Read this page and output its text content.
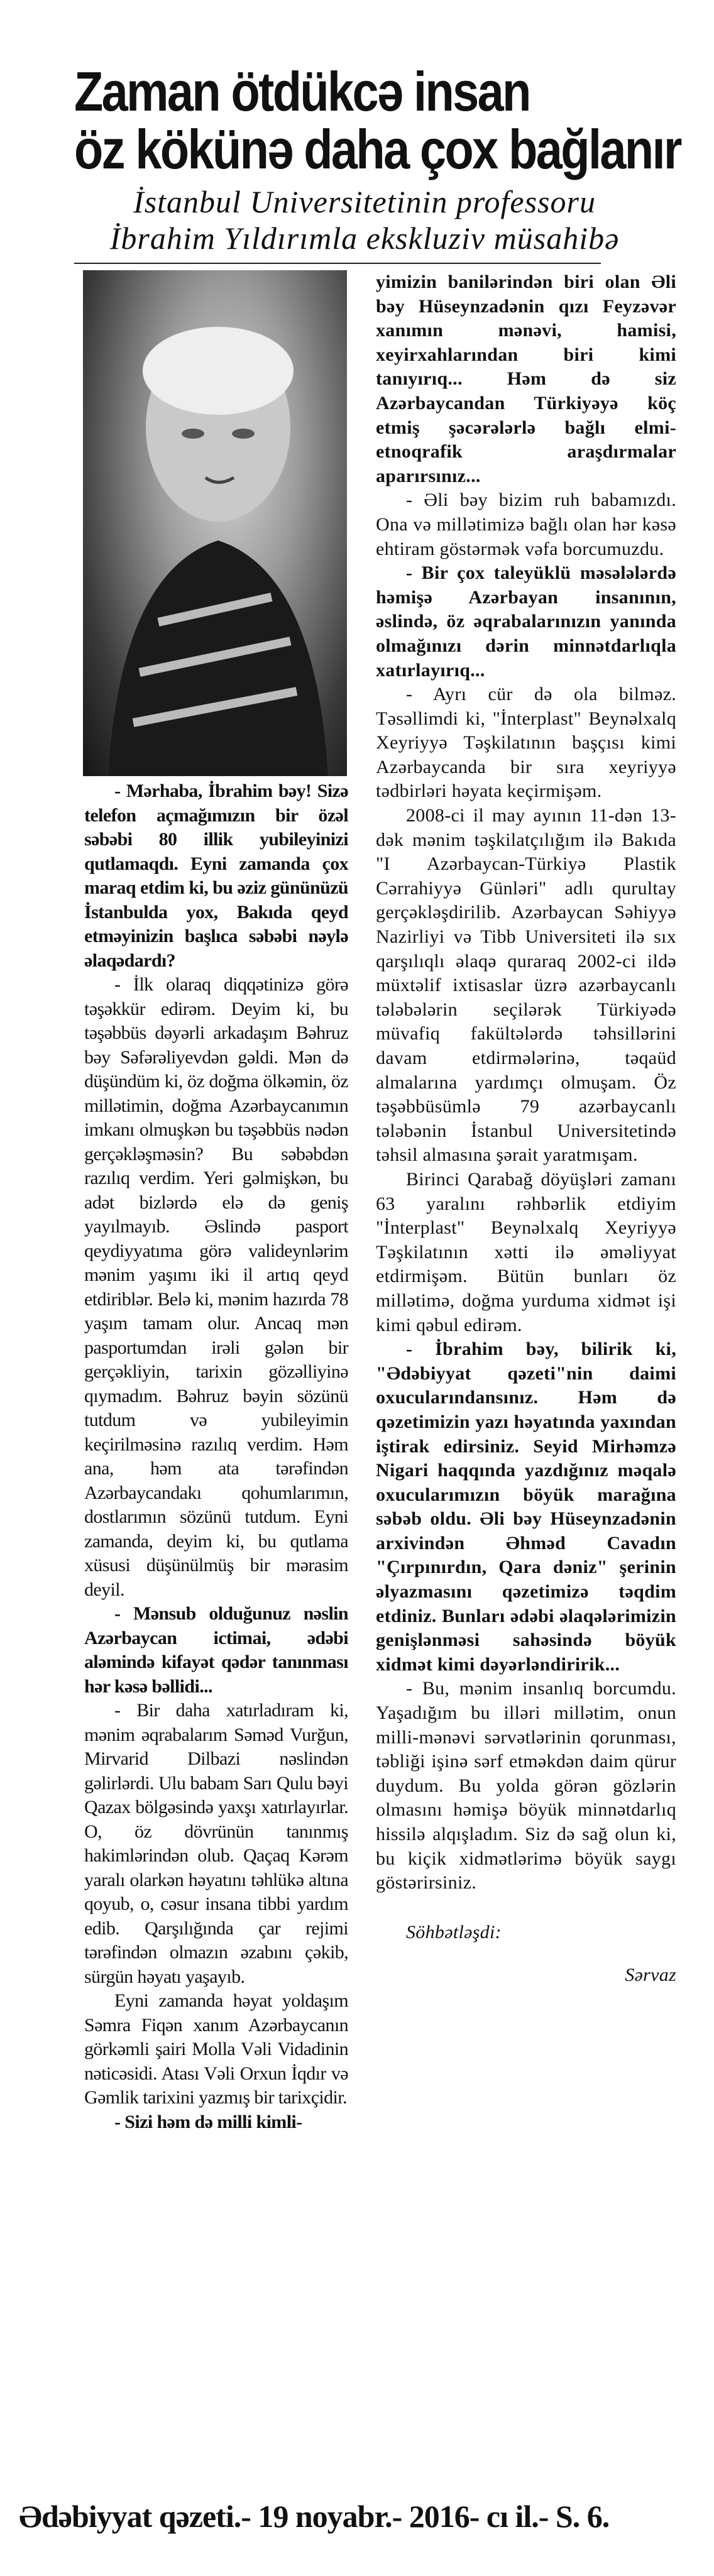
Zaman ötdükcə insan
öz kökünə daha çox bağlanır
İstanbul Universitetinin professoru
İbrahim Yıldırımla ekskluziv müsahibə

- Mərhaba, İbrahim bəy! Sizə telefon açmağımızın bir özəl səbəbi 80 illik yubileyinizi qutlamaqdı. Eyni zamanda çox maraq etdim ki, bu əziz gününüzü İstanbulda yox, Bakıda qeyd etməyinizin başlıca səbəbi nəylə əlaqədardı?

- İlk olaraq diqqətinizə görə təşəkkür edirəm. Deyim ki, bu təşəbbüs dəyərli arkadaşım Bəhruz bəy Səfərəliyevdən gəldi. Mən də düşündüm ki, öz doğma ölkəmin, öz millətimin, doğma Azərbaycanımın imkanı olmuşkən bu təşəbbüs nədən gerçəkləşməsin? Bu səbəbdən razılıq verdim. Yeri gəlmişkən, bu adət bizlərdə elə də geniş yayılmayıb. Əslində pasport qeydiyyatıma görə valideynlərim mənim yaşımı iki il artıq qeyd etdiriblər. Belə ki, mənim hazırda 78 yaşım tamam olur. Ancaq mən pasportumdan irəli gələn bir gerçəkliyin, tarixin gözəlliyinə qıymadım. Bəhruz bəyin sözünü tutdum və yubileyimin keçirilməsinə razılıq verdim. Həm ana, həm ata tərəfindən Azərbaycandakı qohumlarımın, dostlarımın sözünü tutdum. Eyni zamanda, deyim ki, bu qutlama xüsusi düşünülmüş bir mərasim deyil.

- Mənsub olduğunuz nəslin Azərbaycan ictimai, ədəbi aləmində kifayət qədər tanınması hər kəsə bəllidi...

- Bir daha xatırladıram ki, mənim əqrabalarım Səməd Vurğun, Mirvarid Dilbazi nəslindən gəlirlərdi. Ulu babam Sarı Qulu bəyi Qazax bölgəsində yaxşı xatırlayırlar. O, öz dövrünün tanınmış hakimlərindən olub. Qaçaq Kərəm yaralı olarkən həyatını təhlükə altına qoyub, o, cəsur insana tibbi yardım edib. Qarşılığında çar rejimi tərəfindən olmazın əzabını çəkib, sürgün həyatı yaşayıb.

Eyni zamanda həyat yoldaşım Səmra Fiqən xanım Azərbaycanın görkəmli şairi Molla Vəli Vidadinin nəticəsidi. Atası Vəli Orxun İqdır və Gəmlik tarixini yazmış bir tarixçidir.

- Sizi həm də milli kimli-

yimizin banilərindən biri olan Əli bəy Hüseynzadənin qızı Feyzəvər xanımın mənəvi, hamisi, xeyirxahlarından biri kimi tanıyırıq... Həm də siz Azərbaycandan Türkiyəyə köç etmiş şəcərələrlə bağlı elmi-etnoqrafik araşdırmalar aparırsınız...

- Əli bəy bizim ruh babamızdı. Ona və millətimizə bağlı olan hər kəsə ehtiram göstərmək vəfa borcumuzdu.

- Bir çox taleyüklü məsələlərdə həmişə Azərbayan insanının, əslində, öz əqrabalarınızın yanında olmağınızı dərin minnətdarlıqla xatırlayırıq...

- Ayrı cür də ola bilməz. Təsəllimdi ki, "İnterplast" Beynəlxalq Xeyriyyə Təşkilatının başçısı kimi Azərbaycanda bir sıra xeyriyyə tədbirləri həyata keçirmişəm.

2008-ci il may ayının 11-dən 13-dək mənim təşkilatçılığım ilə Bakıda "I Azərbaycan-Türkiyə Plastik Cərrahiyyə Günləri" adlı qurultay gerçəkləşdirilib. Azərbaycan Səhiyyə Nazirliyi və Tibb Universiteti ilə sıx qarşılıqlı əlaqə quraraq 2002-ci ildə müxtəlif ixtisaslar üzrə azərbaycanlı tələbələrin seçilərək Türkiyədə müvafiq fakültələrdə təhsillərini davam etdirmələrinə, təqaüd almalarına yardımçı olmuşam. Öz təşəbbüsümlə 79 azərbaycanlı tələbənin İstanbul Universitetində təhsil almasına şərait yaratmışam.

Birinci Qarabağ döyüşləri zamanı 63 yaralını rəhbərlik etdiyim "İnterplast" Beynəlxalq Xeyriyyə Təşkilatının xətti ilə əməliyyat etdirmişəm. Bütün bunları öz millətimə, doğma yurduma xidmət işi kimi qəbul edirəm.

- İbrahim bəy, bilirik ki, "Ədəbiyyat qəzeti"nin daimi oxucularındansınız. Həm də qəzetimizin yazı həyatında yaxından iştirak edirsiniz. Seyid Mirhəmzə Nigari haqqında yazdığınız məqalə oxucularımızın böyük marağına səbəb oldu. Əli bəy Hüseynzadənin arxivindən Əhməd Cavadın "Çırpınırdın, Qara dəniz" şerinin əlyazmasını qəzetimizə təqdim etdiniz. Bunları ədəbi əlaqələrimizin genişlənməsi sahəsində böyük xidmət kimi dəyərləndiririk...

- Bu, mənim insanlıq borcumdu. Yaşadığım bu illəri millətim, onun milli-mənəvi sərvətlərinin qorunması, təbliği işinə sərf etməkdən daim qürur duydum. Bu yolda görən gözlərin olmasını həmişə böyük minnətdarlıq hissilə alqışladım. Siz də sağ olun ki, bu kiçik xidmətlərimə böyük saygı göstərirsiniz.

Söhbətləşdi:

Sərvaz

Ədəbiyyat qəzeti.- 19 noyabr.- 2016- cı il.- S. 6.
